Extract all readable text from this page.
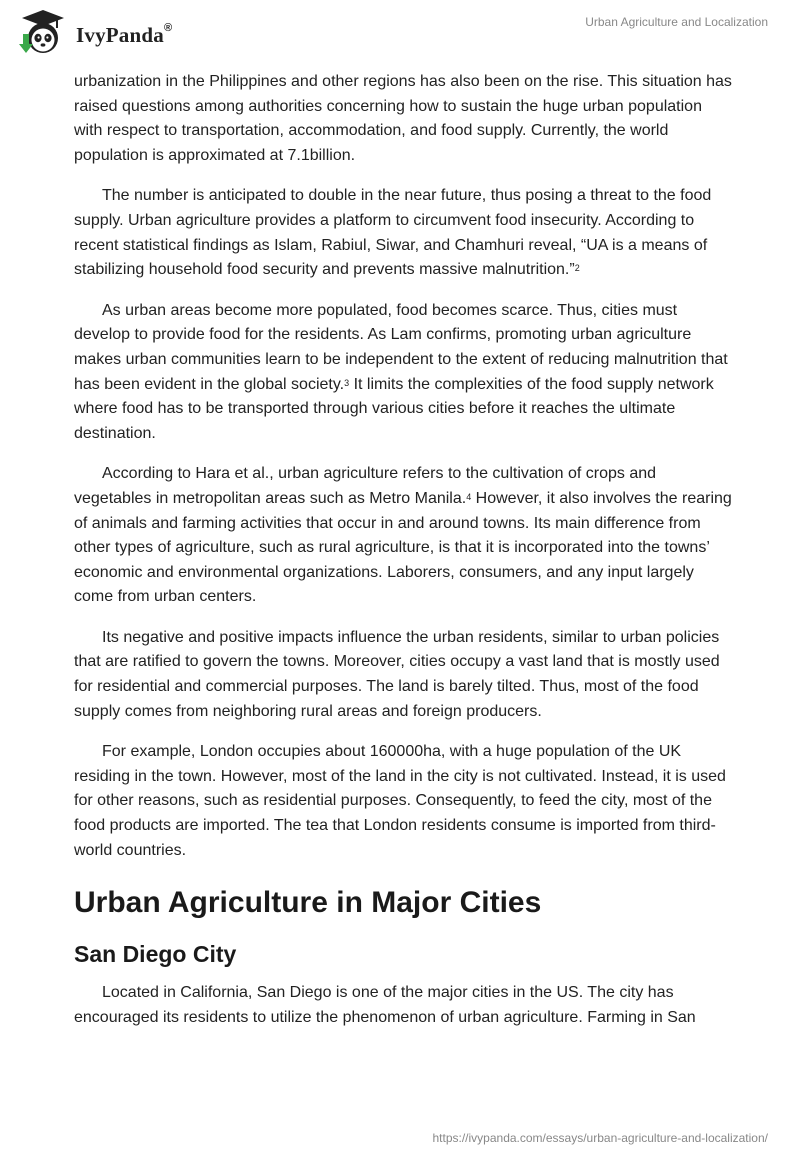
IvyPanda®	Urban Agriculture and Localization

urbanization in the Philippines and other regions has also been on the rise. This situation has raised questions among authorities concerning how to sustain the huge urban population with respect to transportation, accommodation, and food supply. Currently, the world population is approximated at 7.1billion.

The number is anticipated to double in the near future, thus posing a threat to the food supply. Urban agriculture provides a platform to circumvent food insecurity. According to recent statistical findings as Islam, Rabiul, Siwar, and Chamhuri reveal, “UA is a means of stabilizing household food security and prevents massive malnutrition.”$^2$

As urban areas become more populated, food becomes scarce. Thus, cities must develop to provide food for the residents. As Lam confirms, promoting urban agriculture makes urban communities learn to be independent to the extent of reducing malnutrition that has been evident in the global society.$^3$ It limits the complexities of the food supply network where food has to be transported through various cities before it reaches the ultimate destination.

According to Hara et al., urban agriculture refers to the cultivation of crops and vegetables in metropolitan areas such as Metro Manila.$^4$ However, it also involves the rearing of animals and farming activities that occur in and around towns. Its main difference from other types of agriculture, such as rural agriculture, is that it is incorporated into the towns’ economic and environmental organizations. Laborers, consumers, and any input largely come from urban centers.

Its negative and positive impacts influence the urban residents, similar to urban policies that are ratified to govern the towns. Moreover, cities occupy a vast land that is mostly used for residential and commercial purposes. The land is barely tilted. Thus, most of the food supply comes from neighboring rural areas and foreign producers.

For example, London occupies about 160000ha, with a huge population of the UK residing in the town. However, most of the land in the city is not cultivated. Instead, it is used for other reasons, such as residential purposes. Consequently, to feed the city, most of the food products are imported. The tea that London residents consume is imported from third-world countries.

Urban Agriculture in Major Cities
San Diego City

Located in California, San Diego is one of the major cities in the US. The city has encouraged its residents to utilize the phenomenon of urban agriculture. Farming in San

https://ivypanda.com/essays/urban-agriculture-and-localization/
